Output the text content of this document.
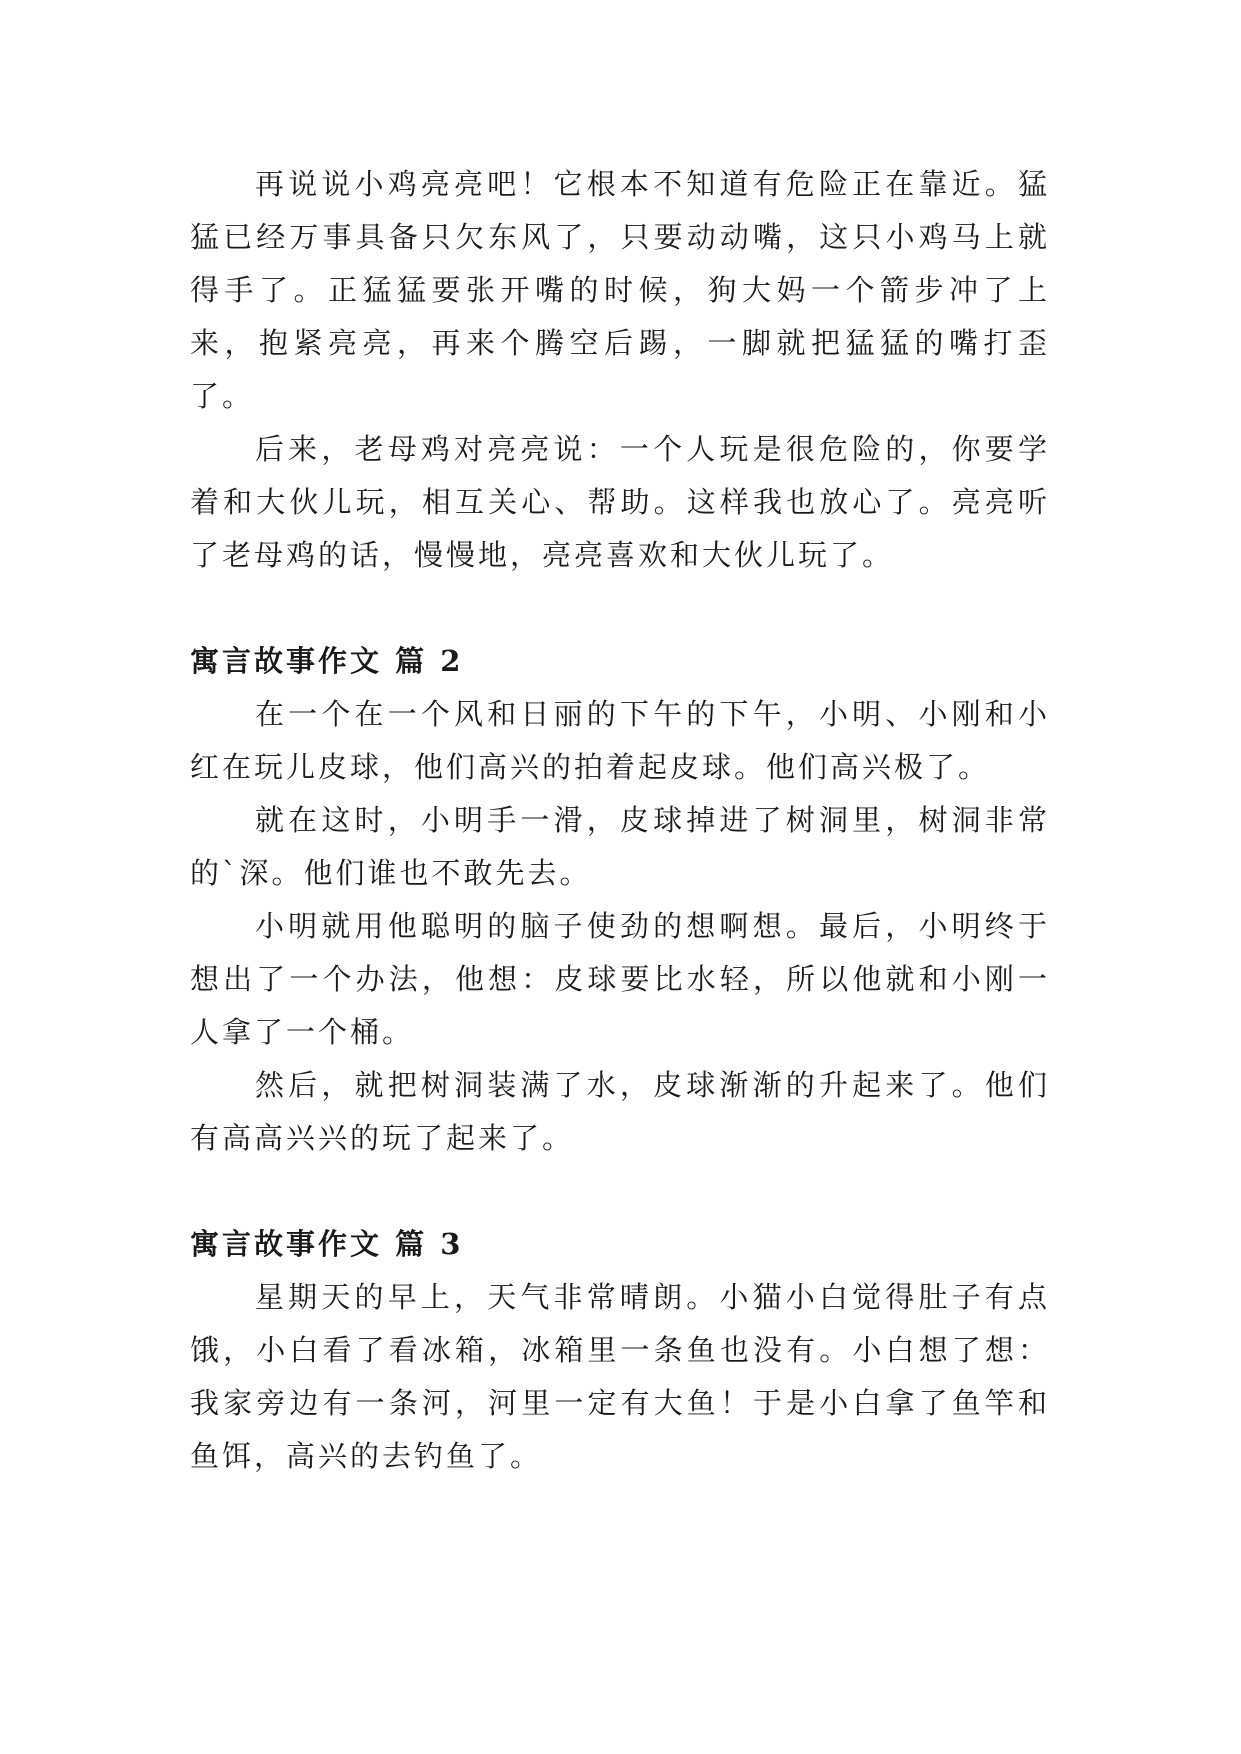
再说说小鸡亮亮吧！它根本不知道有危险正在靠近。猛猛已经万事具备只欠东风了，只要动动嘴，这只小鸡马上就得手了。正猛猛要张开嘴的时候，狗大妈一个箭步冲了上来，抱紧亮亮，再来个腾空后踢，一脚就把猛猛的嘴打歪了。

后来，老母鸡对亮亮说：一个人玩是很危险的，你要学着和大伙儿玩，相互关心、帮助。这样我也放心了。亮亮听了老母鸡的话，慢慢地，亮亮喜欢和大伙儿玩了。

寓言故事作文 篇 2

在一个在一个风和日丽的下午的下午，小明、小刚和小红在玩儿皮球，他们高兴的拍着起皮球。他们高兴极了。

就在这时，小明手一滑，皮球掉进了树洞里，树洞非常的`深。他们谁也不敢先去。

小明就用他聪明的脑子使劲的想啊想。最后，小明终于想出了一个办法，他想：皮球要比水轻，所以他就和小刚一人拿了一个桶。

然后，就把树洞装满了水，皮球渐渐的升起来了。他们有高高兴兴的玩了起来了。

寓言故事作文 篇 3

星期天的早上，天气非常晴朗。小猫小白觉得肚子有点饿，小白看了看冰箱，冰箱里一条鱼也没有。小白想了想：我家旁边有一条河，河里一定有大鱼！于是小白拿了鱼竿和鱼饵，高兴的去钓鱼了。
